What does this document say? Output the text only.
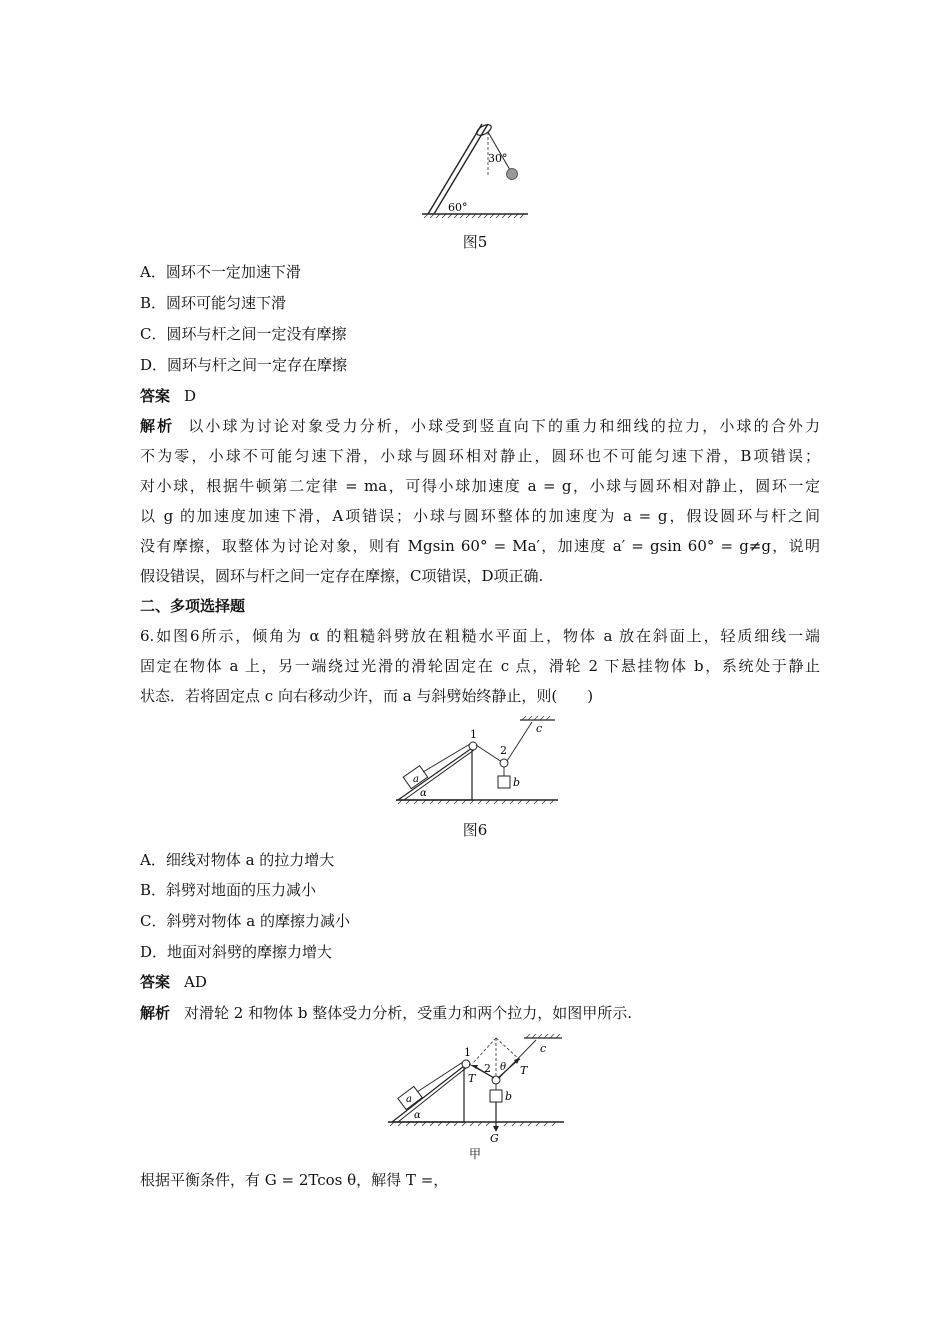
30°
60°
图5
A．圆环不一定加速下滑
B．圆环可能匀速下滑
C．圆环与杆之间一定没有摩擦
D．圆环与杆之间一定存在摩擦
答案 D
解析 以小球为讨论对象受力分析，小球受到竖直向下的重力和细线的拉力，小球的合外力
不为零，小球不可能匀速下滑，小球与圆环相对静止，圆环也不可能匀速下滑，B项错误；
对小球，根据牛顿第二定律 = ma，可得小球加速度 a = g，小球与圆环相对静止，圆环一定
以 g 的加速度加速下滑，A项错误；小球与圆环整体的加速度为 a = g，假设圆环与杆之间
没有摩擦，取整体为讨论对象，则有 Mgsin 60° = Ma′，加速度 a′ = gsin 60° = g≠g，说明
假设错误，圆环与杆之间一定存在摩擦，C项错误，D项正确.
二、多项选择题
6.如图6所示，倾角为 α 的粗糙斜劈放在粗糙水平面上，物体 a 放在斜面上，轻质细线一端
固定在物体 a 上，另一端绕过光滑的滑轮固定在 c 点，滑轮 2 下悬挂物体 b，系统处于静止
状态．若将固定点 c 向右移动少许，而 a 与斜劈始终静止，则(　　)
1
2
c
a	b
α
图6
A．细线对物体 a 的拉力增大
B．斜劈对地面的压力减小
C．斜劈对物体 a 的摩擦力减小
D．地面对斜劈的摩擦力增大
答案 AD
解析 对滑轮 2 和物体 b 整体受力分析，受重力和两个拉力，如图甲所示.
1
2 θ
c
T
T
a	b
α
G
甲
根据平衡条件，有 G = 2Tcos θ，解得 T =，
